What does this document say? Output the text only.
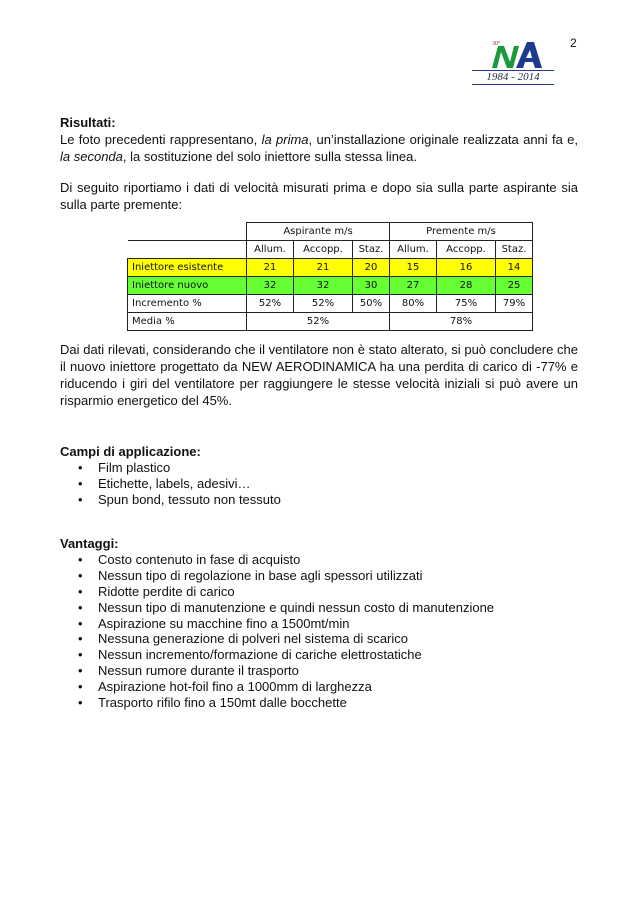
2
30°
1984 - 2014
Risultati:

Le foto precedenti rappresentano, la prima, un’installazione originale realizzata anni fa e, la seconda, la sostituzione del solo iniettore sulla stessa linea.

Di seguito riportiamo i dati di velocità misurati prima e dopo sia sulla parte aspirante sia sulla parte premente:

	Aspirante m/s			Premente m/s		
	Allum.	Accopp.	Staz.	Allum.	Accopp.	Staz.
Iniettore esistente	21	21	20	15	16	14
Iniettore nuovo	32	32	30	27	28	25
Incremento %	52%	52%	50%	80%	75%	79%
Media %	52%			78%		

Dai dati rilevati, considerando che il ventilatore non è stato alterato, si può concludere che il nuovo iniettore progettato da NEW AERODINAMICA ha una perdita di carico di -77% e riducendo i giri del ventilatore per raggiungere le stesse velocità iniziali si può avere un risparmio energetico del 45%.

Campi di applicazione:
• Film plastico
• Etichette, labels, adesivi…
• Spun bond, tessuto non tessuto
Vantaggi:
• Costo contenuto in fase di acquisto
• Nessun tipo di regolazione in base agli spessori utilizzati
• Ridotte perdite di carico
• Nessun tipo di manutenzione e quindi nessun costo di manutenzione
• Aspirazione su macchine fino a 1500mt/min
• Nessuna generazione di polveri nel sistema di scarico
• Nessun incremento/formazione di cariche elettrostatiche
• Nessun rumore durante il trasporto
• Aspirazione hot-foil fino a 1000mm di larghezza
• Trasporto rifilo fino a 150mt dalle bocchette
